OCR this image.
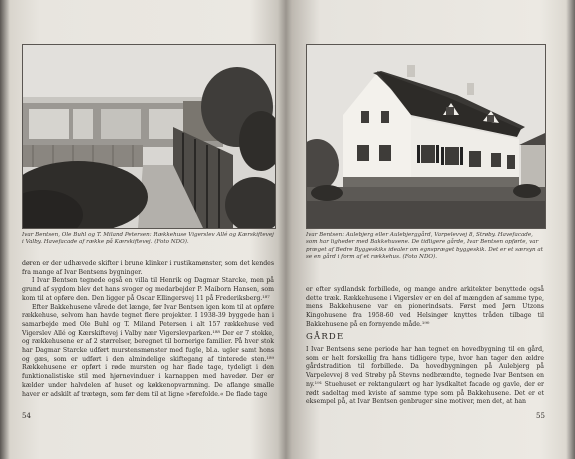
Ivar Bentsen, Ole Buhl og T. Miland Petersen: Rækkehuse Vigerslev Allé og Kærskiftevej i Valby. Havefacade af række på Kærskiftevej. (Foto NDO).

døren er der udhævede skifter i brune klinker i rustikamønster, som det kendes fra mange af Ivar Bentsens bygninger.

I Ivar Bentsen tegnede også en villa til Henrik og Dagmar Starcke, men på grund af sygdom blev det hans svoger og medarbejder P. Maiborn Hansen, som kom til at opføre den. Den ligger på Oscar Ellingersvej 11 på Frederiksberg.¹⁸⁷

Efter Bakkehusene vårede det længe, før Ivar Bentsen igen kom til at opføre rækkehuse, selvom han havde tegnet flere projekter. I 1938-39 byggede han i samarbejde med Ole Buhl og T. Miland Petersen i alt 157 rækkehuse ved Vigerslev Allé og Kærskiftevej i Valby nær Vigerslevparken.¹⁸⁸ Der er 7 stokke, og rækkehusene er af 2 størrelser, beregnet til bornerige familier. På hver stok har Dagmar Starcke udført murstensmønster med fugle, bl.a. ugler samt hons og gæs, som er udført i den almindelige skiftegang af tinterede sten.¹⁸⁹ Rækkehusene er opført i røde mursten og har flade tage, tydeligt i den funktionalistiske stil med hjørnevinduer i karnappen med havedør. Der er kælder under halvdelen af huset og køkkenopvarmning. De aflange smalle haver er adskilt af trætøgn, som før dem til at ligne »førefolde.« De flade tage

54
Ivar Bentsen: Aulebjerg eller Aulebjerggård, Varpelevvej 8, Strøby. Havefacade, som har ligheder med Bakkehusene. De tidligere gårde, Ivar Bentsen opførte, var præget af Bedre Byggeskiks idealer om egnspræget byggeskik. Det er et særsyn at se en gård i form af et rækkehus. (Foto NDO).

er efter sydlandsk forbillede, og mange andre arkitekter benyttede også dette træk. Rækkehusene i Vigerslev er en del af mængden af samme type, mens Bakkehusene var en pionerindsats. Først med Jørn Utzons Kingohusene fra 1958-60 ved Helsingør knyttes tråden tilbage til Bakkehusene på en fornyende måde.¹⁹⁰

GÅRDE

I Ivar Bentsens sene periode har han tegnet en hovedbygning til en gård, som er helt forskellig fra hans tidligere type, hvor han tager den ældre gårdstradition til forbillede. Da hovedbygningen på Aulebjerg på Varpelevvej 8 ved Strøby på Stevns nedbrændte, tegnede Ivar Bentsen en ny.¹⁹¹ Stuehuset er rektangulært og har lysdkaltet facade og gavle, der er rødt sadeltag med kviste af samme type som på Bakkehusene. Det er et eksempel på, at Ivar Bentsen genbruger sine motiver, men det, at han

55
